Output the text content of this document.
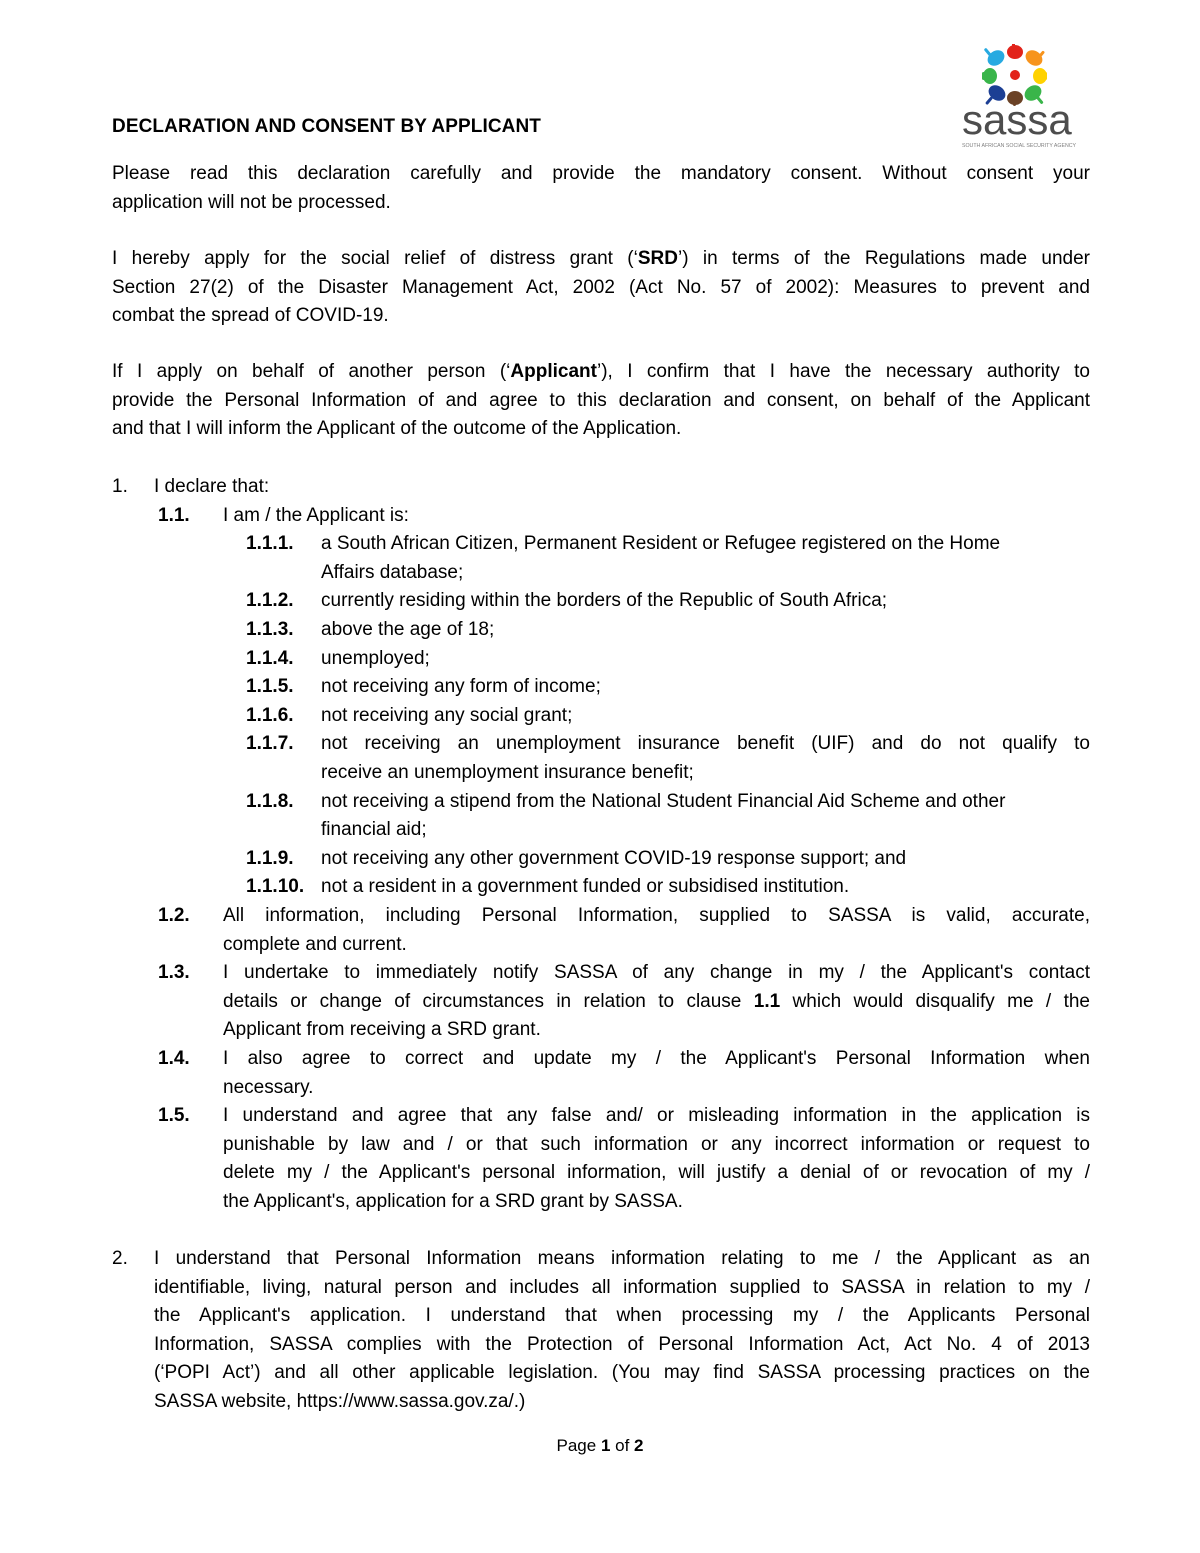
sassa
SOUTH AFRICAN SOCIAL SECURITY AGENCY
DECLARATION AND CONSENT BY APPLICANT
Please read this declaration carefully and provide the mandatory consent. Without consent your
application will not be processed.
I hereby apply for the social relief of distress grant (‘SRD’) in terms of the Regulations made under
Section 27(2) of the Disaster Management Act, 2002 (Act No. 57 of 2002): Measures to prevent and
combat the spread of COVID-19.
If I apply on behalf of another person (‘Applicant’), I confirm that I have the necessary authority to
provide the Personal Information of and agree to this declaration and consent, on behalf of the Applicant
and that I will inform the Applicant of the outcome of the Application.
1. I declare that:
1.1. I am / the Applicant is:
1.1.1. a South African Citizen, Permanent Resident or Refugee registered on the Home
Affairs database;
1.1.2. currently residing within the borders of the Republic of South Africa;
1.1.3. above the age of 18;
1.1.4. unemployed;
1.1.5. not receiving any form of income;
1.1.6. not receiving any social grant;
1.1.7. not receiving an unemployment insurance benefit (UIF) and do not qualify to
receive an unemployment insurance benefit;
1.1.8. not receiving a stipend from the National Student Financial Aid Scheme and other
financial aid;
1.1.9. not receiving any other government COVID-19 response support; and
1.1.10. not a resident in a government funded or subsidised institution.
1.2. All information, including Personal Information, supplied to SASSA is valid, accurate,
complete and current.
1.3. I undertake to immediately notify SASSA of any change in my / the Applicant's contact
details or change of circumstances in relation to clause 1.1 which would disqualify me / the
Applicant from receiving a SRD grant.
1.4. I also agree to correct and update my / the Applicant's Personal Information when
necessary.
1.5. I understand and agree that any false and/ or misleading information in the application is
punishable by law and / or that such information or any incorrect information or request to
delete my / the Applicant's personal information, will justify a denial of or revocation of my /
the Applicant's, application for a SRD grant by SASSA.
2. I understand that Personal Information means information relating to me / the Applicant as an
identifiable, living, natural person and includes all information supplied to SASSA in relation to my /
the Applicant's application. I understand that when processing my / the Applicants Personal
Information, SASSA complies with the Protection of Personal Information Act, Act No. 4 of 2013
(‘POPI Act’) and all other applicable legislation. (You may find SASSA processing practices on the
SASSA website, https://www.sassa.gov.za/.)
Page 1 of 2
